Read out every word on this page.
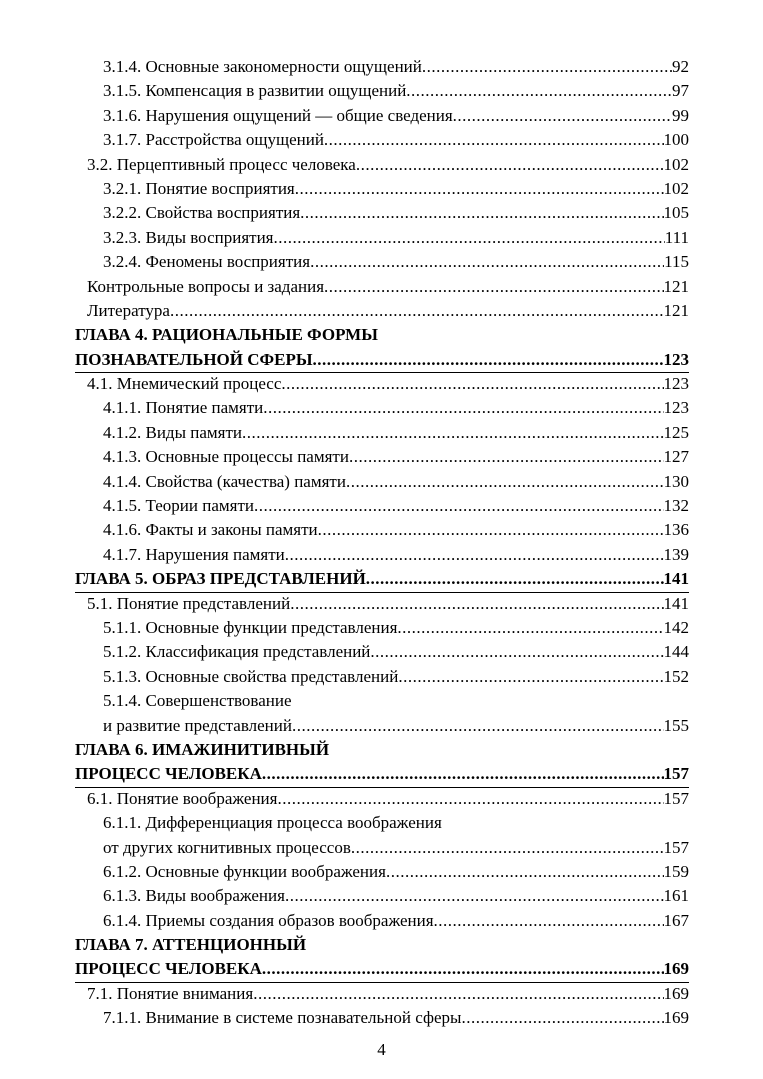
3.1.4. Основные закономерности ощущений .....	92
3.1.5. Компенсация в развитии ощущений .....	97
3.1.6. Нарушения ощущений — общие сведения .....	99
3.1.7. Расстройства ощущений .....	100
3.2. Перцептивный процесс человека .....	102
3.2.1. Понятие восприятия .....	102
3.2.2. Свойства восприятия .....	105
3.2.3. Виды восприятия .....	111
3.2.4. Феномены восприятия .....	115
Контрольные вопросы и задания .....	121
Литература .....	121
ГЛАВА 4. РАЦИОНАЛЬНЫЕ ФОРМЫ
ПОЗНАВАТЕЛЬНОЙ СФЕРЫ .....	123
4.1. Мнемический процесс .....	123
4.1.1. Понятие памяти .....	123
4.1.2. Виды памяти .....	125
4.1.3. Основные процессы памяти .....	127
4.1.4. Свойства (качества) памяти .....	130
4.1.5. Теории памяти .....	132
4.1.6. Факты и законы памяти .....	136
4.1.7. Нарушения памяти .....	139
ГЛАВА 5. ОБРАЗ ПРЕДСТАВЛЕНИЙ .....	141
5.1. Понятие представлений .....	141
5.1.1. Основные функции представления .....	142
5.1.2. Классификация представлений .....	144
5.1.3. Основные свойства представлений .....	152
5.1.4. Совершенствование
и развитие представлений .....	155
ГЛАВА 6. ИМАЖИНИТИВНЫЙ
ПРОЦЕСС ЧЕЛОВЕКА .....	157
6.1. Понятие воображения .....	157
6.1.1. Дифференциация процесса воображения
от других когнитивных процессов .....	157
6.1.2. Основные функции воображения .....	159
6.1.3. Виды воображения .....	161
6.1.4. Приемы создания образов воображения .....	167
ГЛАВА 7. АТТЕНЦИОННЫЙ
ПРОЦЕСС ЧЕЛОВЕКА .....	169
7.1. Понятие внимания .....	169
7.1.1. Внимание в системе познавательной сферы .....	169
4
